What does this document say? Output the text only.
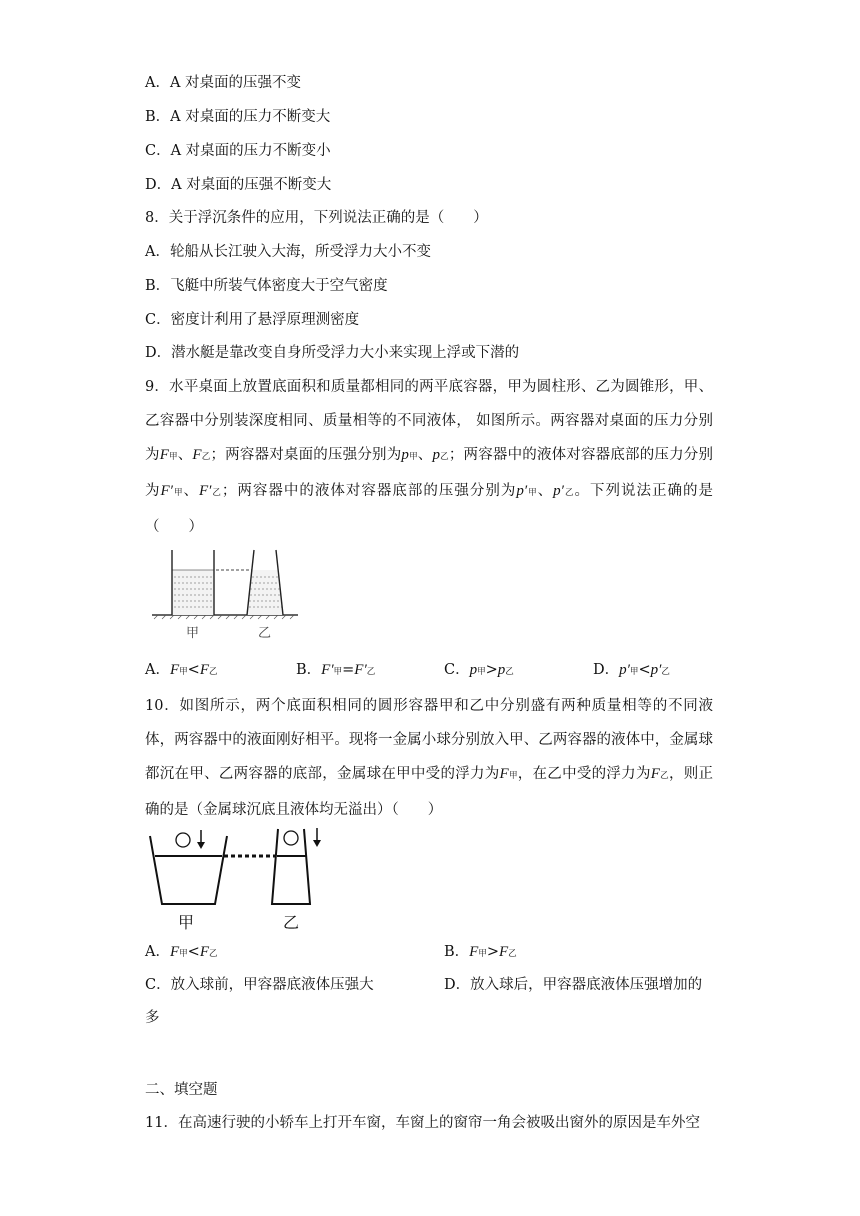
A．A 对桌面的压强不变
B．A 对桌面的压力不断变大
C．A 对桌面的压力不断变小
D．A 对桌面的压强不断变大
8．关于浮沉条件的应用，下列说法正确的是（　　）
A．轮船从长江驶入大海，所受浮力大小不变
B．飞艇中所装气体密度大于空气密度
C．密度计利用了悬浮原理测密度
D．潜水艇是靠改变自身所受浮力大小来实现上浮或下潜的
9．水平桌面上放置底面积和质量都相同的两平底容器，甲为圆柱形、乙为圆锥形，甲、乙容器中分别装深度相同、质量相等的不同液体， 如图所示。两容器对桌面的压力分别为F甲、F乙；两容器对桌面的压强分别为p甲、p乙；两容器中的液体对容器底部的压力分别为F′甲、F′乙；两容器中的液体对容器底部的压强分别为p′甲、p′乙。下列说法正确的是（　　）
甲	乙
A．F甲<F乙	B．F′甲=F′乙	C．p甲>p乙	D．p′甲<p′乙
10．如图所示，两个底面积相同的圆形容器甲和乙中分别盛有两种质量相等的不同液体，两容器中的液面刚好相平。现将一金属小球分别放入甲、乙两容器的液体中，金属球都沉在甲、乙两容器的底部，金属球在甲中受的浮力为F甲，在乙中受的浮力为F乙，则正确的是（金属球沉底且液体均无溢出）（　　）
甲	乙
A．F甲<F乙	B．F甲>F乙
C．放入球前，甲容器底液体压强大	D．放入球后，甲容器底液体压强增加的
多
二、填空题
11．在高速行驶的小轿车上打开车窗，车窗上的窗帘一角会被吸出窗外的原因是车外空
